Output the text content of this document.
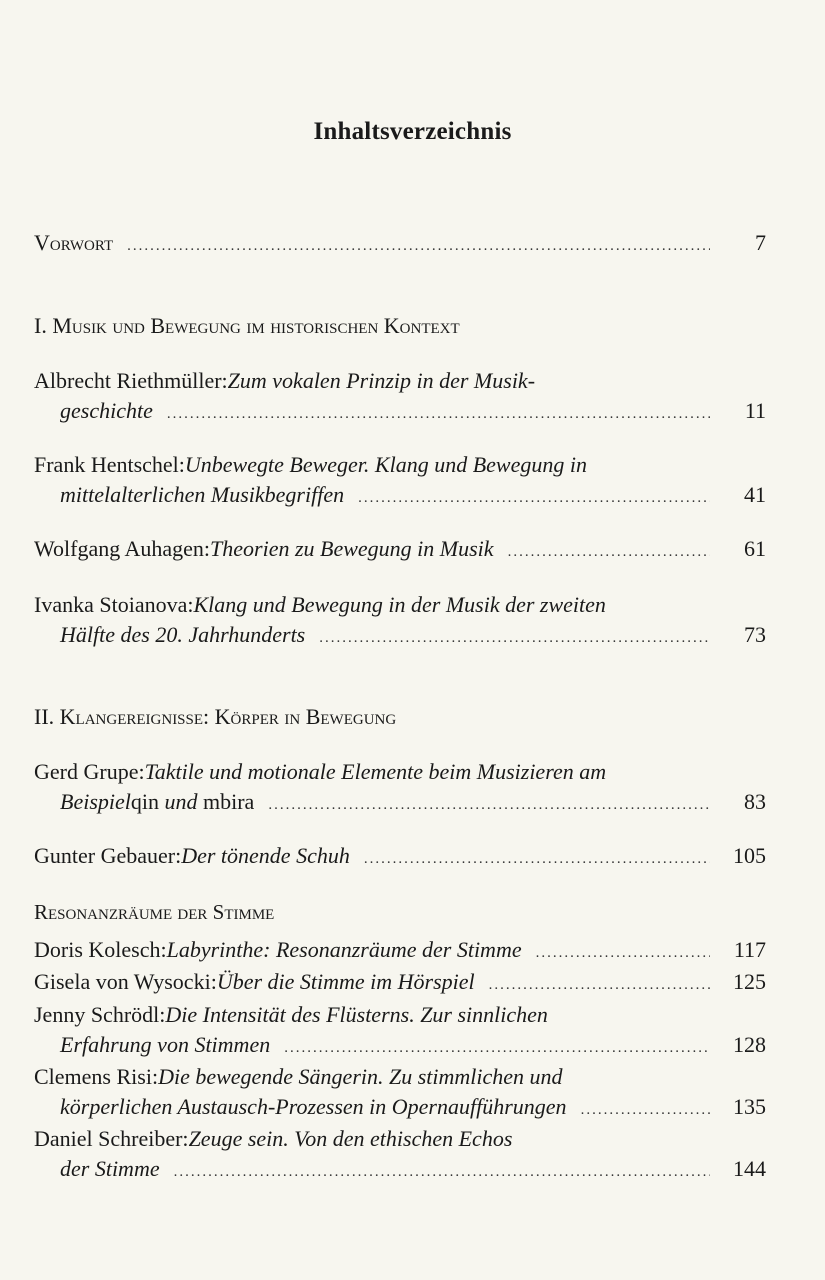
Inhaltsverzeichnis
Vorwort .....	7
I. Musik und Bewegung im historischen Kontext
Albrecht Riethmüller: Zum vokalen Prinzip in der Musik-
geschichte .....	11
Frank Hentschel: Unbewegte Beweger. Klang und Bewegung in
mittelalterlichen Musikbegriffen .....	41
Wolfgang Auhagen: Theorien zu Bewegung in Musik .....	61
Ivanka Stoianova: Klang und Bewegung in der Musik der zweiten
Hälfte des 20. Jahrhunderts .....	73
II. Klangereignisse: Körper in Bewegung
Gerd Grupe: Taktile und motionale Elemente beim Musizieren am
Beispiel qin und mbira .....	83
Gunter Gebauer: Der tönende Schuh .....	105
Resonanzräume der Stimme
Doris Kolesch: Labyrinthe: Resonanzräume der Stimme .....	117
Gisela von Wysocki: Über die Stimme im Hörspiel .....	125
Jenny Schrödl: Die Intensität des Flüsterns. Zur sinnlichen
Erfahrung von Stimmen .....	128
Clemens Risi: Die bewegende Sängerin. Zu stimmlichen und
körperlichen Austausch-Prozessen in Opernaufführungen .....	135
Daniel Schreiber: Zeuge sein. Von den ethischen Echos
der Stimme .....	144
